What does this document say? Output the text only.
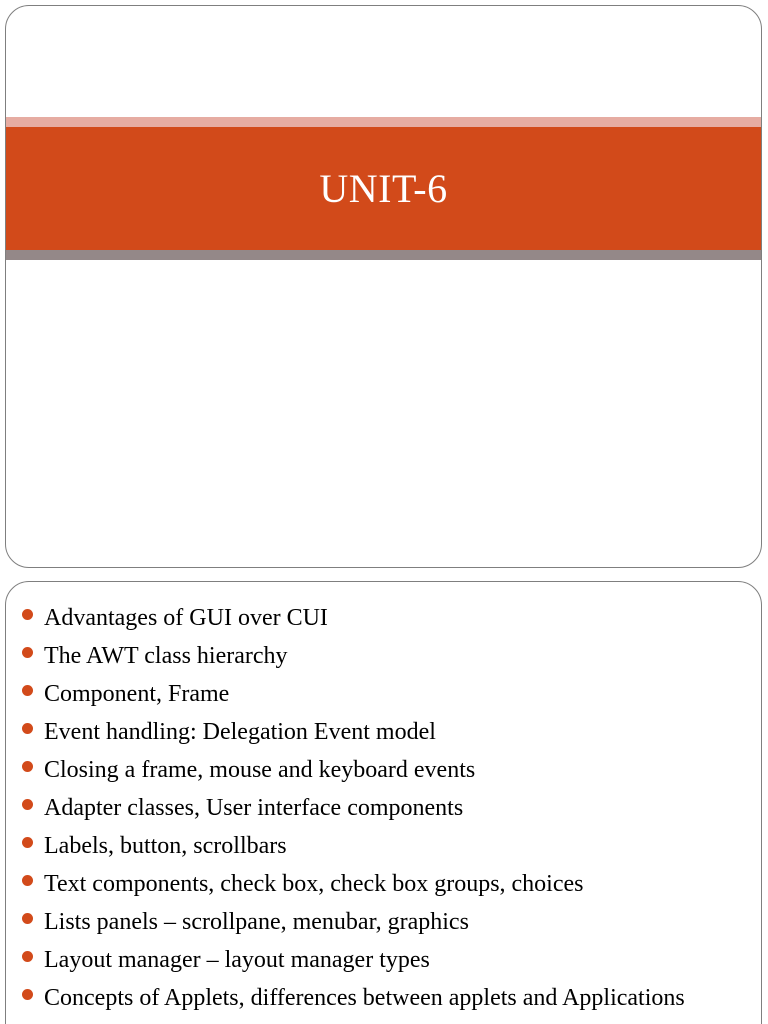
UNIT-6
Advantages of GUI over CUI
The AWT class hierarchy
Component, Frame
Event handling: Delegation Event model
Closing a frame, mouse and keyboard events
Adapter classes, User interface components
Labels, button, scrollbars
Text components, check box, check box groups, choices
Lists panels – scrollpane, menubar, graphics
Layout manager – layout manager types
Concepts of Applets, differences between applets and Applications
